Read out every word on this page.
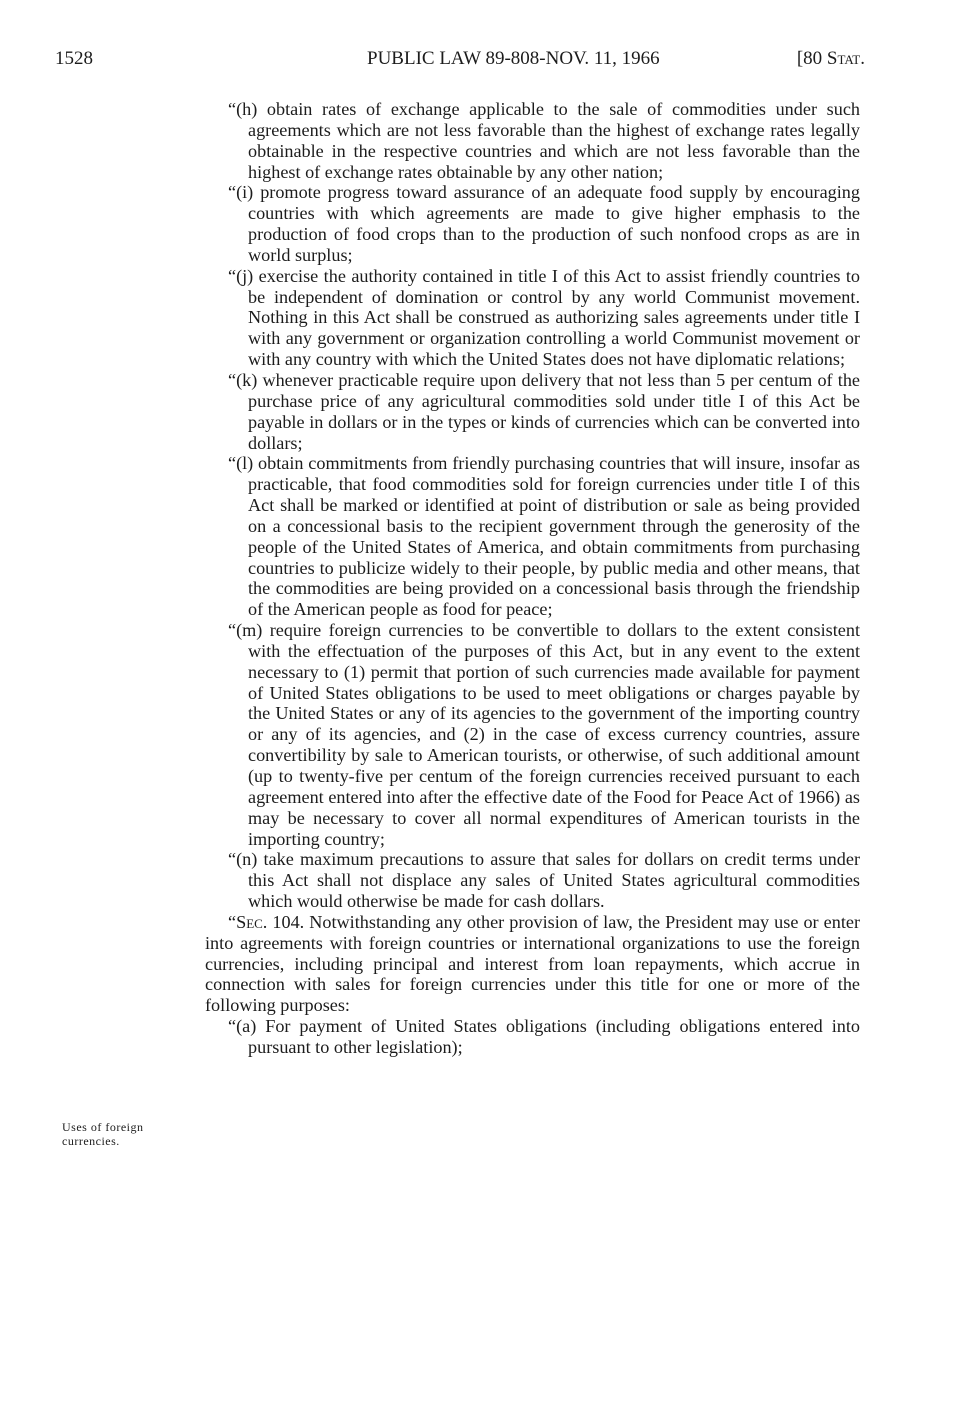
1528	PUBLIC LAW 89-808-NOV. 11, 1966	[80 Stat.
Uses of foreign
currencies.

“(h) obtain rates of exchange applicable to the sale of commodities under such agreements which are not less favorable than the highest of exchange rates legally obtainable in the respective countries and which are not less favorable than the highest of exchange rates obtainable by any other nation;

“(i) promote progress toward assurance of an adequate food supply by encouraging countries with which agreements are made to give higher emphasis to the production of food crops than to the production of such nonfood crops as are in world surplus;

“(j) exercise the authority contained in title I of this Act to assist friendly countries to be independent of domination or control by any world Communist movement. Nothing in this Act shall be construed as authorizing sales agreements under title I with any government or organization controlling a world Communist movement or with any country with which the United States does not have diplomatic relations;

“(k) whenever practicable require upon delivery that not less than 5 per centum of the purchase price of any agricultural commodities sold under title I of this Act be payable in dollars or in the types or kinds of currencies which can be converted into dollars;

“(l) obtain commitments from friendly purchasing countries that will insure, insofar as practicable, that food commodities sold for foreign currencies under title I of this Act shall be marked or identified at point of distribution or sale as being provided on a concessional basis to the recipient government through the generosity of the people of the United States of America, and obtain commitments from purchasing countries to publicize widely to their people, by public media and other means, that the commodities are being provided on a concessional basis through the friendship of the American people as food for peace;

“(m) require foreign currencies to be convertible to dollars to the extent consistent with the effectuation of the purposes of this Act, but in any event to the extent necessary to (1) permit that portion of such currencies made available for payment of United States obligations to be used to meet obligations or charges payable by the United States or any of its agencies to the government of the importing country or any of its agencies, and (2) in the case of excess currency countries, assure convertibility by sale to American tourists, or otherwise, of such additional amount (up to twenty-five per centum of the foreign currencies received pursuant to each agreement entered into after the effective date of the Food for Peace Act of 1966) as may be necessary to cover all normal expenditures of American tourists in the importing country;

“(n) take maximum precautions to assure that sales for dollars on credit terms under this Act shall not displace any sales of United States agricultural commodities which would otherwise be made for cash dollars.

“Sec. 104. Notwithstanding any other provision of law, the President may use or enter into agreements with foreign countries or international organizations to use the foreign currencies, including principal and interest from loan repayments, which accrue in connection with sales for foreign currencies under this title for one or more of the following purposes:

“(a) For payment of United States obligations (including obligations entered into pursuant to other legislation);
